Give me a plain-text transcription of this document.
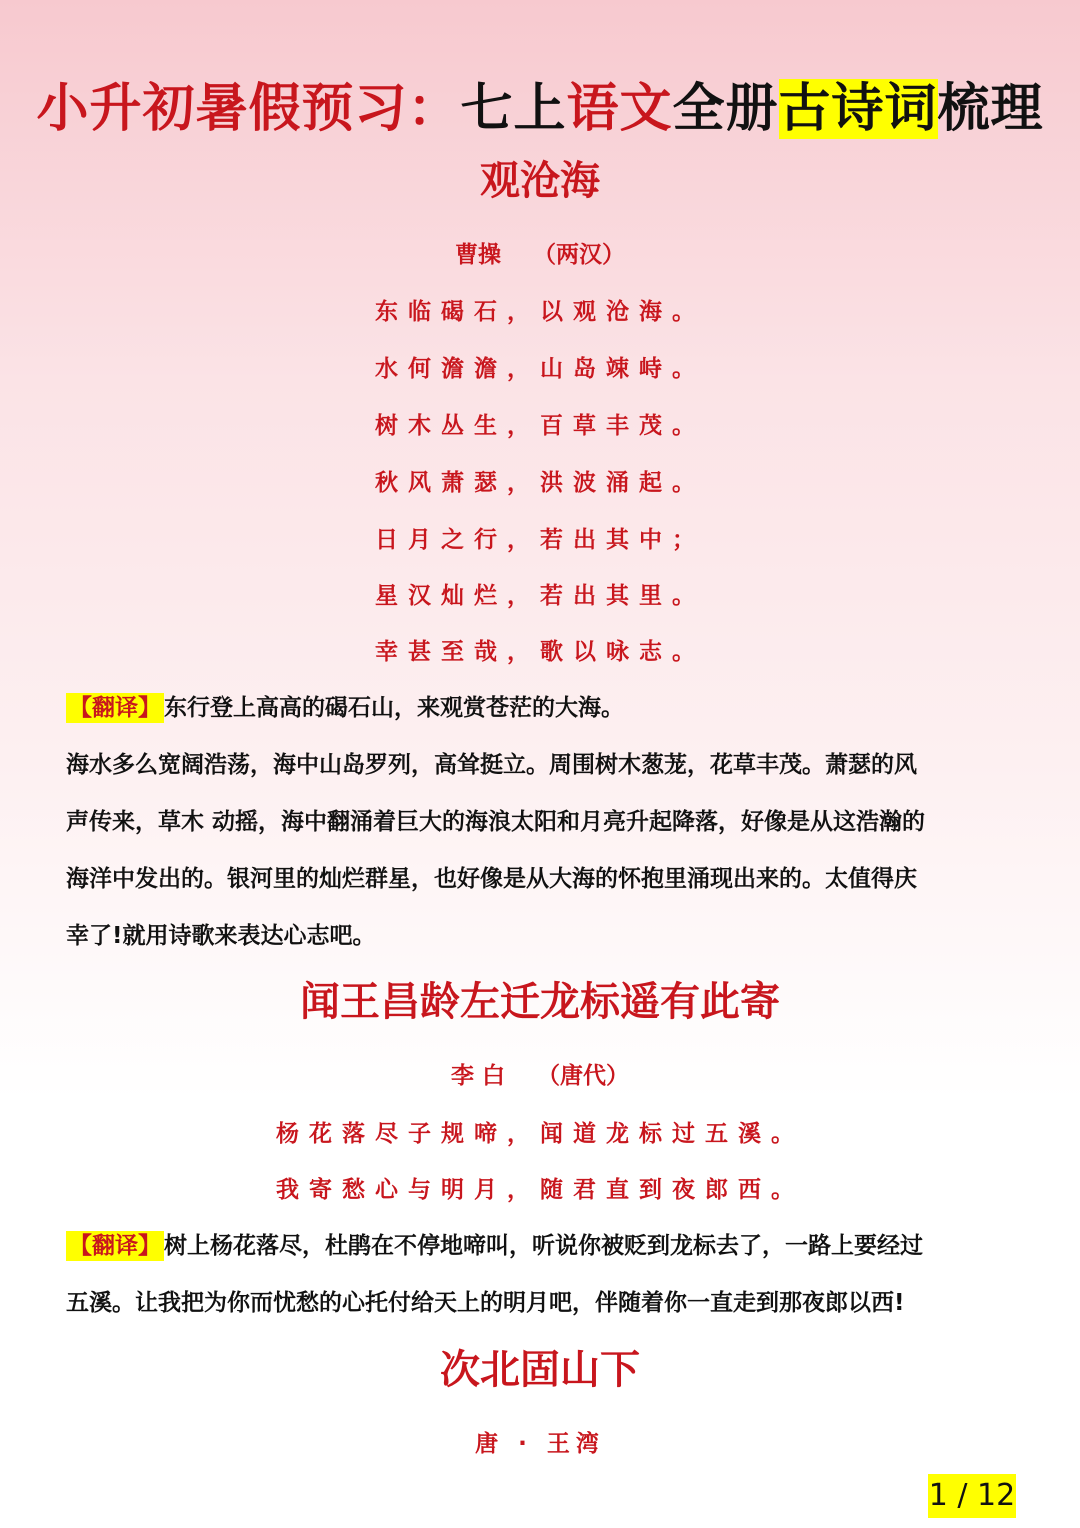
小升初暑假预习：七上语文全册古诗词梳理
观沧海
曹操    （两汉）
东临碣石，以观沧海。
水何澹澹，山岛竦峙。
树木丛生，百草丰茂。
秋风萧瑟，洪波涌起。
日月之行，若出其中；
星汉灿烂，若出其里。
幸甚至哉，歌以咏志。
【翻译】 东行登上高高的碣石山，来观赏苍茫的大海。
海水多么宽阔浩荡，海中山岛罗列，高耸挺立。周围树木葱茏，花草丰茂。萧瑟的风
声传来，草木 动摇，海中翻涌着巨大的海浪太阳和月亮升起降落，好像是从这浩瀚的
海洋中发出的。银河里的灿烂群星，也好像是从大海的怀抱里涌现出来的。太值得庆
幸了!就用诗歌来表达心志吧。
闻王昌龄左迁龙标遥有此寄
李 白    （唐代）
杨花落尽子规啼，闻道龙标过五溪。
我寄愁心与明月，随君直到夜郎西。
【翻译】 树上杨花落尽，杜鹃在不停地啼叫，听说你被贬到龙标去了，一路上要经过
五溪。让我把为你而忧愁的心托付给天上的明月吧，伴随着你一直走到那夜郎以西!
次北固山下
唐 · 王湾
1 / 12
